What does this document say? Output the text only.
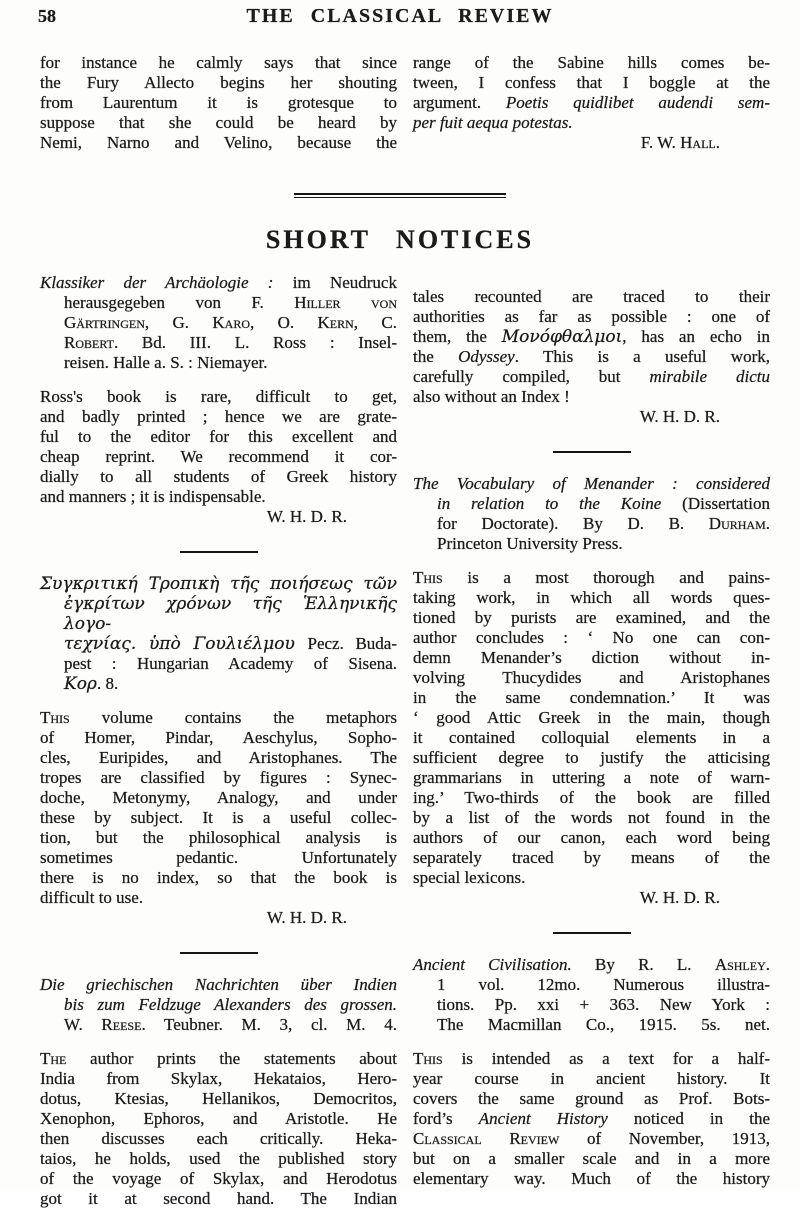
58	THE CLASSICAL REVIEW
for instance he calmly says that since
the Fury Allecto begins her shouting
from Laurentum it is grotesque to
suppose that she could be heard by
Nemi, Narno and Velino, because the
range of the Sabine hills comes be-
tween, I confess that I boggle at the
argument. Poetis quidlibet audendi sem-
per fuit aequa potestas.
F. W. Hall.
SHORT NOTICES
Klassiker der Archäologie : im Neudruck
herausgegeben von F. Hiller von
Gärtringen, G. Karo, O. Kern, C.
Robert. Bd. III. L. Ross : Insel-
reisen. Halle a. S. : Niemayer.
Ross's book is rare, difficult to get,
and badly printed ; hence we are grate-
ful to the editor for this excellent and
cheap reprint. We recommend it cor-
dially to all students of Greek history
and manners ; it is indispensable.
W. H. D. R.
Συγκριτική Τροπικὴ τῆς ποιήσεως τῶν
ἐγκρίτων χρόνων τῆς Ἑλληνικῆς λογο-
τεχνίας. ὑπὸ Γουλιέλμου Pecz. Buda-
pest : Hungarian Academy of Sisena.
Κορ. 8.
This volume contains the metaphors
of Homer, Pindar, Aeschylus, Sopho-
cles, Euripides, and Aristophanes. The
tropes are classified by figures : Synec-
doche, Metonymy, Analogy, and under
these by subject. It is a useful collec-
tion, but the philosophical analysis is
sometimes pedantic. Unfortunately
there is no index, so that the book is
difficult to use.
W. H. D. R.
Die griechischen Nachrichten über Indien
bis zum Feldzuge Alexanders des grossen.
W. Reese. Teubner. M. 3, cl. M. 4.
The author prints the statements about
India from Skylax, Hekataios, Hero-
dotus, Ktesias, Hellanikos, Democritos,
Xenophon, Ephoros, and Aristotle. He
then discusses each critically. Heka-
taios, he holds, used the published story
of the voyage of Skylax, and Herodotus
got it at second hand. The Indian
tales recounted are traced to their
authorities as far as possible : one of
them, the Μονόφθαλμοι, has an echo in
the Odyssey. This is a useful work,
carefully compiled, but mirabile dictu
also without an Index !
W. H. D. R.
The Vocabulary of Menander : considered
in relation to the Koine (Dissertation
for Doctorate). By D. B. Durham.
Princeton University Press.
This is a most thorough and pains-
taking work, in which all words ques-
tioned by purists are examined, and the
author concludes : ‘ No one can con-
demn Menander’s diction without in-
volving Thucydides and Aristophanes
in the same condemnation.’ It was
‘ good Attic Greek in the main, though
it contained colloquial elements in a
sufficient degree to justify the atticising
grammarians in uttering a note of warn-
ing.’ Two-thirds of the book are filled
by a list of the words not found in the
authors of our canon, each word being
separately traced by means of the
special lexicons.
W. H. D. R.
Ancient Civilisation. By R. L. Ashley.
1 vol. 12mo. Numerous illustra-
tions. Pp. xxi + 363. New York :
The Macmillan Co., 1915. 5s. net.
This is intended as a text for a half-
year course in ancient history. It
covers the same ground as Prof. Bots-
ford’s Ancient History noticed in the
Classical Review of November, 1913,
but on a smaller scale and in a more
elementary way. Much of the history
